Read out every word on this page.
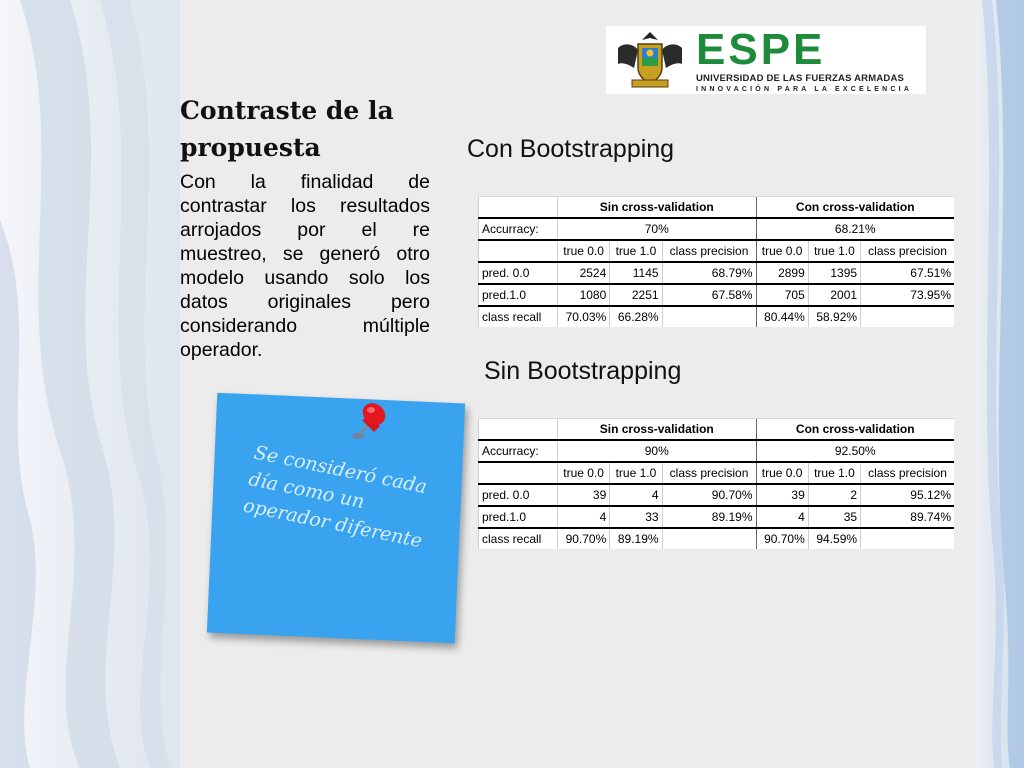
ESPE
UNIVERSIDAD DE LAS FUERZAS ARMADAS
INNOVACIÓN PARA LA EXCELENCIA
Contraste de la propuesta
Con la finalidad de contrastar los resultados arrojados por el re muestreo, se generó otro modelo usando solo los datos originales pero considerando múltiple operador.
Se consideró cada día como un operador diferente
Con Bootstrapping
Sin Bootstrapping
	Sin cross-validation			Con cross-validation		
Accurracy:	70%			68.21%		
	true 0.0	true 1.0	class precision	true 0.0	true 1.0	class precision
pred. 0.0	2524	1145	68.79%	2899	1395	67.51%
pred.1.0	1080	2251	67.58%	705	2001	73.95%
class recall	70.03%	66.28%		80.44%	58.92%	
	Sin cross-validation			Con cross-validation		
Accurracy:	90%			92.50%		
	true 0.0	true 1.0	class precision	true 0.0	true 1.0	class precision
pred. 0.0	39	4	90.70%	39	2	95.12%
pred.1.0	4	33	89.19%	4	35	89.74%
class recall	90.70%	89.19%		90.70%	94.59%	
